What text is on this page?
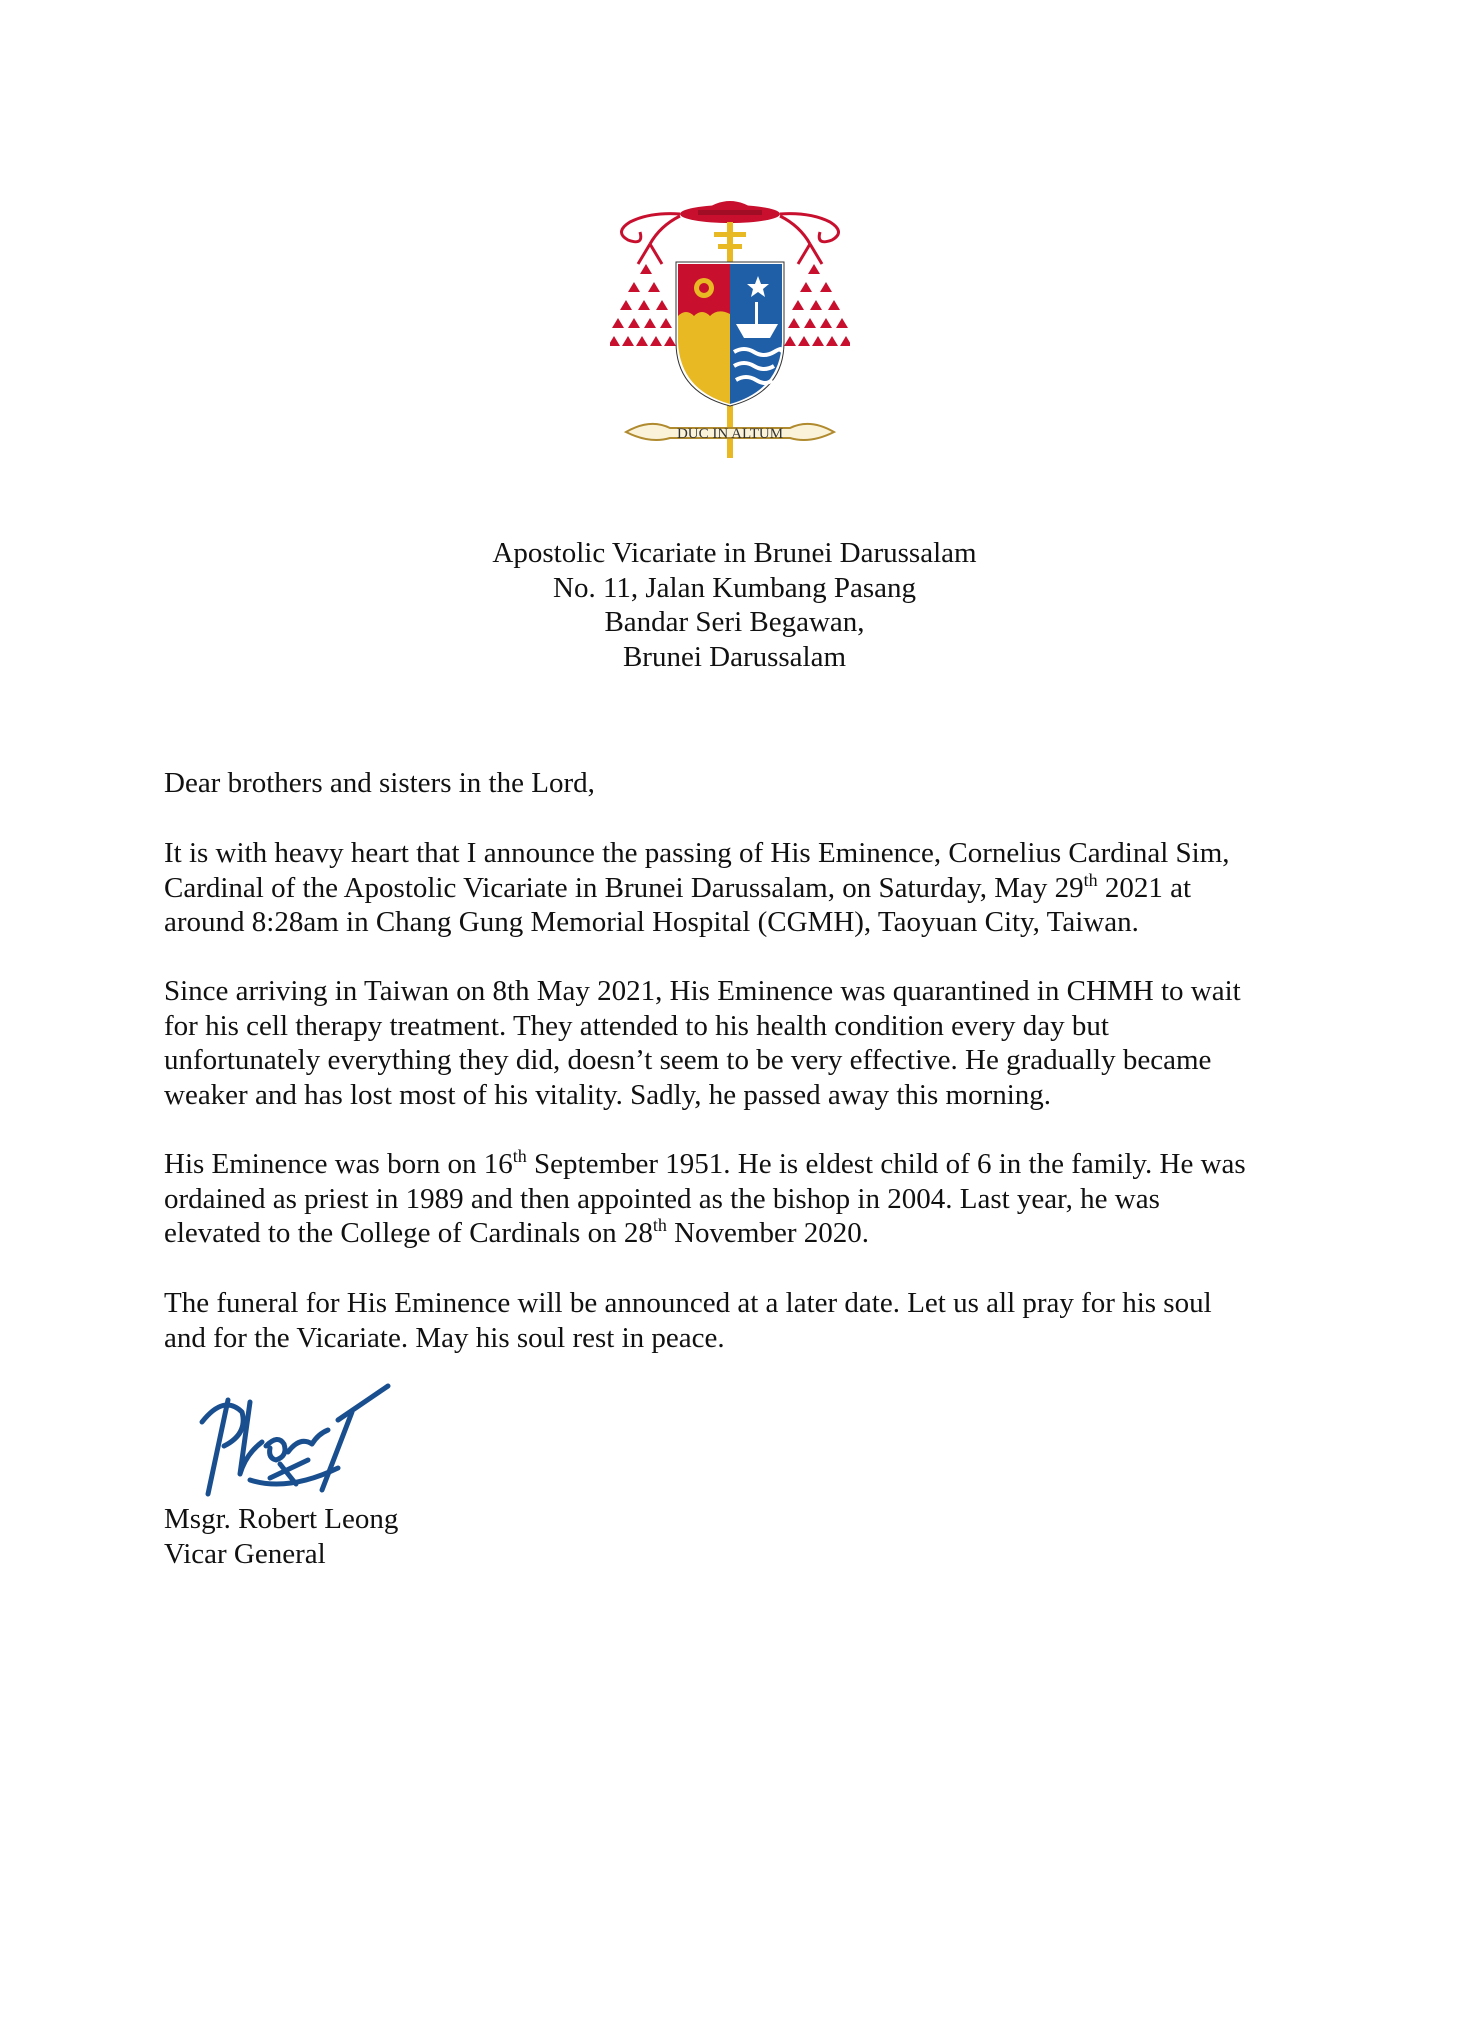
DUC IN ALTUM
Apostolic Vicariate in Brunei Darussalam
No. 11, Jalan Kumbang Pasang
Bandar Seri Begawan,
Brunei Darussalam
Dear brothers and sisters in the Lord,
It is with heavy heart that I announce the passing of His Eminence, Cornelius Cardinal Sim,
Cardinal of the Apostolic Vicariate in Brunei Darussalam, on Saturday, May 29th 2021 at
around 8:28am in Chang Gung Memorial Hospital (CGMH), Taoyuan City, Taiwan.
Since arriving in Taiwan on 8th May 2021, His Eminence was quarantined in CHMH to wait
for his cell therapy treatment. They attended to his health condition every day but
unfortunately everything they did, doesn’t seem to be very effective. He gradually became
weaker and has lost most of his vitality. Sadly, he passed away this morning.
His Eminence was born on 16th September 1951. He is eldest child of 6 in the family. He was
ordained as priest in 1989 and then appointed as the bishop in 2004. Last year, he was
elevated to the College of Cardinals on 28th November 2020.
The funeral for His Eminence will be announced at a later date. Let us all pray for his soul
and for the Vicariate. May his soul rest in peace.
Msgr. Robert Leong
Vicar General
